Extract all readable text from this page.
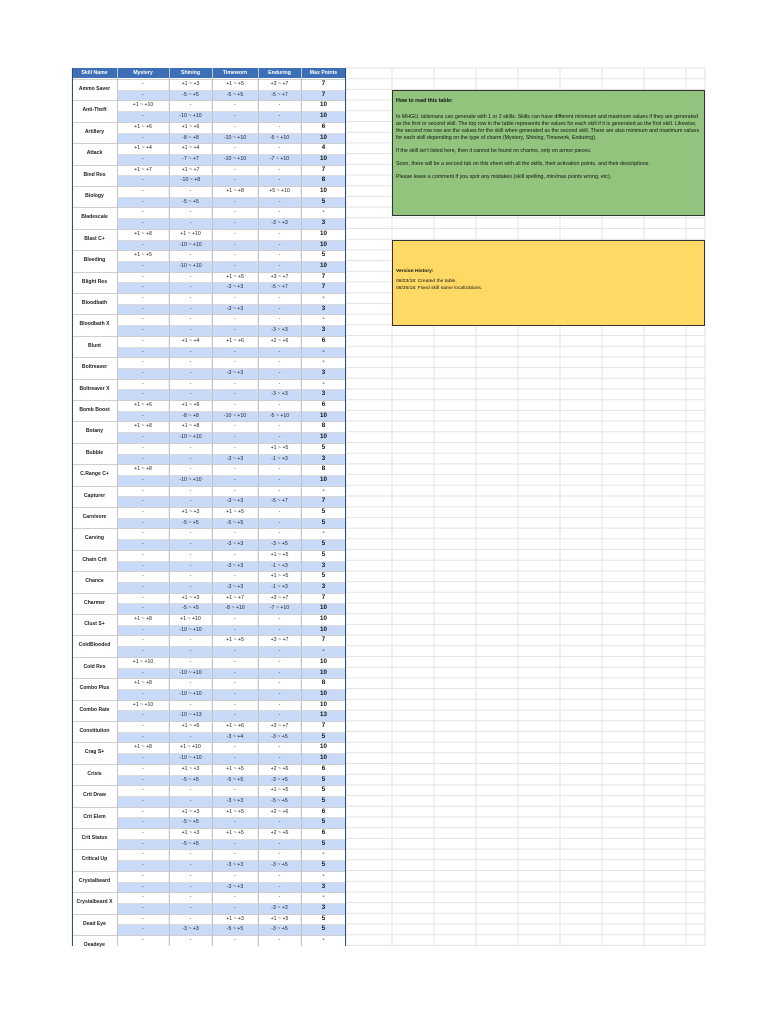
Skill Name	Mystery	Shining	Timeworn	Enduring	Max Points
Ammo Saver
-	+1 ~ +3	+1 ~ +5	+3 ~ +7	7
-	-5 ~ +5	-5 ~ +5	-5 ~ +7	7
Anti-Theft
+1 ~ +10	-	-	-	10
-	-10 ~ +10	-	-	10
Artillery
+1 ~ +6	+1 ~ +6	-	-	6
-	-8 ~ +8	-10 ~ +10	-5 ~ +10	10
Attack
+1 ~ +4	+1 ~ +4	-	-	4
-	-7 ~ +7	-10 ~ +10	-7 ~ +10	10
Bind Res
+1 ~ +7	+1 ~ +7	-	-	7
-	-10 ~ +8	-	-	8
Biology
-	-	+1 ~ +8	+5 ~ +10	10
-	-5 ~ +5	-	-	5
Bladescale
-	-	-	-	-
-	-	-	-3 ~ +3	3
Blast C+
+1 ~ +8	+1 ~ +10	-	-	10
-	-10 ~ +10	-	-	10
Bleeding
+1 ~ +5	-	-	-	5
-	-10 ~ +10	-	-	10
Blight Res
-	-	+1 ~ +5	+3 ~ +7	7
-	-	-3 ~ +3	-5 ~ +7	7
Bloodbath
-	-	-	-	-
-	-	-3 ~ +3	-	3
Bloodbath X
-	-	-	-	-
-	-	-	-3 ~ +3	3
Blunt
-	+1 ~ +4	+1 ~ +6	+2 ~ +6	6
-	-	-	-	-
Boltreaver
-	-	-	-	-
-	-	-3 ~ +3	-	3
Boltreaver X
-	-	-	-	-
-	-	-	-3 ~ +3	3
Bomb Boost
+1 ~ +6	+1 ~ +6	-	-	6
-	-8 ~ +8	-10 ~ +10	-5 ~ +10	10
Botany
+1 ~ +8	+1 ~ +8	-	-	8
-	-10 ~ +10	-	-	10
Bubble
-	-	-	+1 ~ +5	5
-	-	-3 ~ +3	-1 ~ +3	3
C.Range C+
+1 ~ +8	-	-	-	8
-	-10 ~ +10	-	-	10
Capturer
-	-	-	-	-
-	-	-3 ~ +3	-5 ~ +7	7
Carnivore
-	+1 ~ +3	+1 ~ +5	-	5
-	-5 ~ +5	-5 ~ +5	-	5
Carving
-	-	-	-	-
-	-	-3 ~ +3	-3 ~ +5	5
Chain Crit
-	-	-	+1 ~ +5	5
-	-	-3 ~ +3	-1 ~ +3	3
Chance
-	-	-	+1 ~ +5	5
-	-	-3 ~ +3	-1 ~ +3	3
Charmer
-	+1 ~ +3	+1 ~ +7	+3 ~ +7	7
-	-5 ~ +5	-8 ~ +10	-7 ~ +10	10
Clust S+
+1 ~ +8	+1 ~ +10	-	-	10
-	-10 ~ +10	-	-	10
ColdBlooded
-	-	+1 ~ +5	+3 ~ +7	7
-	-	-	-	-
Cold Res
+1 ~ +10	-	-	-	10
-	-10 ~ +10	-	-	10
Combo Plus
+1 ~ +8	-	-	-	8
-	-10 ~ +10	-	-	10
Combo Rate
+1 ~ +10	-	-	-	10
-	-10 ~ +13	-	-	13
Constitution
-	+1 ~ +6	+1 ~ +6	+3 ~ +7	7
-	-	-3 ~ +4	-3 ~ +5	5
Crag S+
+1 ~ +8	+1 ~ +10	-	-	10
-	-10 ~ +10	-	-	10
Crisis
-	+1 ~ +3	+1 ~ +5	+2 ~ +6	6
-	-5 ~ +5	-5 ~ +5	-3 ~ +5	5
Crit Draw
-	-	-	+1 ~ +5	5
-	-	-3 ~ +3	-5 ~ +5	5
Crit Elem
-	+1 ~ +3	+1 ~ +5	+2 ~ +6	6
-	-5 ~ +5	-	-	5
Crit Status
-	+1 ~ +3	+1 ~ +5	+2 ~ +6	6
-	-5 ~ +5	-	-	5
Critical Up
-	-	-	-	-
-	-	-3 ~ +3	-3 ~ +5	5
Crystalbeard
-	-	-	-	-
-	-	-3 ~ +3	-	3
Crystalbeard X
-	-	-	-	-
-	-	-	-3 ~ +3	3
Dead Eye
-	-	+1 ~ +3	+1 ~ +5	5
-	-3 ~ +3	-5 ~ +5	-3 ~ +5	5
Deadeye
-	-	-	-	-

How to read this table:

In MHGU, talismans can generate with 1 or 2 skills. Skills can have different minimum and maximum values if they are generated as the first or second skill. The top row in the table represents the values for each skill if it is generated as the first skill. Likewise, the second row row are the values for the skill when generated as the second skill. There are also minimum and maximum values for each skill depending on the type of charm (Mystery, Shining, Timework, Enduring).

If the skill isn't listed here, then it cannot be found on charms, only on armor pieces.

Soon, there will be a second tab on this sheet with all the skills, their activation points, and their descriptions.

Please leave a comment if you spot any mistakes (skill spelling, min/max points wrong, etc).

Version History:
08/23/18: Created the table.
08/25/18: Fixed skill name localizations.
